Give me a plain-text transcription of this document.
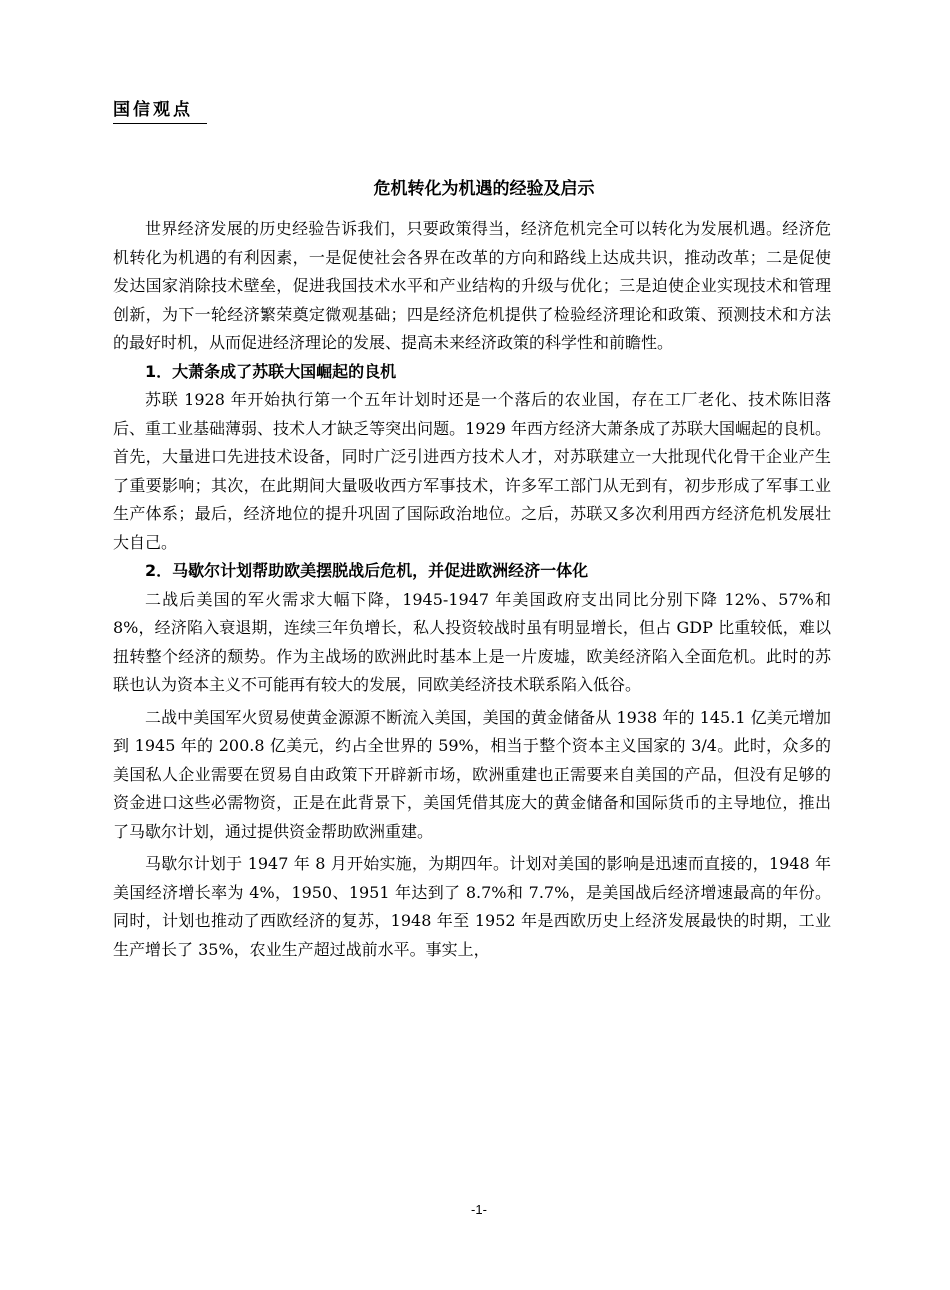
国信观点
危机转化为机遇的经验及启示

世界经济发展的历史经验告诉我们，只要政策得当，经济危机完全可以转化为发展机遇。经济危机转化为机遇的有利因素，一是促使社会各界在改革的方向和路线上达成共识，推动改革；二是促使发达国家消除技术壁垒，促进我国技术水平和产业结构的升级与优化；三是迫使企业实现技术和管理创新，为下一轮经济繁荣奠定微观基础；四是经济危机提供了检验经济理论和政策、预测技术和方法的最好时机，从而促进经济理论的发展、提高未来经济政策的科学性和前瞻性。

1．大萧条成了苏联大国崛起的良机

苏联 1928 年开始执行第一个五年计划时还是一个落后的农业国，存在工厂老化、技术陈旧落后、重工业基础薄弱、技术人才缺乏等突出问题。1929 年西方经济大萧条成了苏联大国崛起的良机。首先，大量进口先进技术设备，同时广泛引进西方技术人才，对苏联建立一大批现代化骨干企业产生了重要影响；其次，在此期间大量吸收西方军事技术，许多军工部门从无到有，初步形成了军事工业生产体系；最后，经济地位的提升巩固了国际政治地位。之后，苏联又多次利用西方经济危机发展壮大自己。

2．马歇尔计划帮助欧美摆脱战后危机，并促进欧洲经济一体化

二战后美国的军火需求大幅下降，1945-1947 年美国政府支出同比分别下降 12%、57%和 8%，经济陷入衰退期，连续三年负增长，私人投资较战时虽有明显增长，但占 GDP 比重较低，难以扭转整个经济的颓势。作为主战场的欧洲此时基本上是一片废墟，欧美经济陷入全面危机。此时的苏联也认为资本主义不可能再有较大的发展，同欧美经济技术联系陷入低谷。

二战中美国军火贸易使黄金源源不断流入美国，美国的黄金储备从 1938 年的 145.1 亿美元增加到 1945 年的 200.8 亿美元，约占全世界的 59%，相当于整个资本主义国家的 3/4。此时，众多的美国私人企业需要在贸易自由政策下开辟新市场，欧洲重建也正需要来自美国的产品，但没有足够的资金进口这些必需物资，正是在此背景下，美国凭借其庞大的黄金储备和国际货币的主导地位，推出了马歇尔计划，通过提供资金帮助欧洲重建。

马歇尔计划于 1947 年 8 月开始实施，为期四年。计划对美国的影响是迅速而直接的，1948 年美国经济增长率为 4%，1950、1951 年达到了 8.7%和 7.7%，是美国战后经济增速最高的年份。同时，计划也推动了西欧经济的复苏，1948 年至 1952 年是西欧历史上经济发展最快的时期，工业生产增长了 35%，农业生产超过战前水平。事实上，

-1-
